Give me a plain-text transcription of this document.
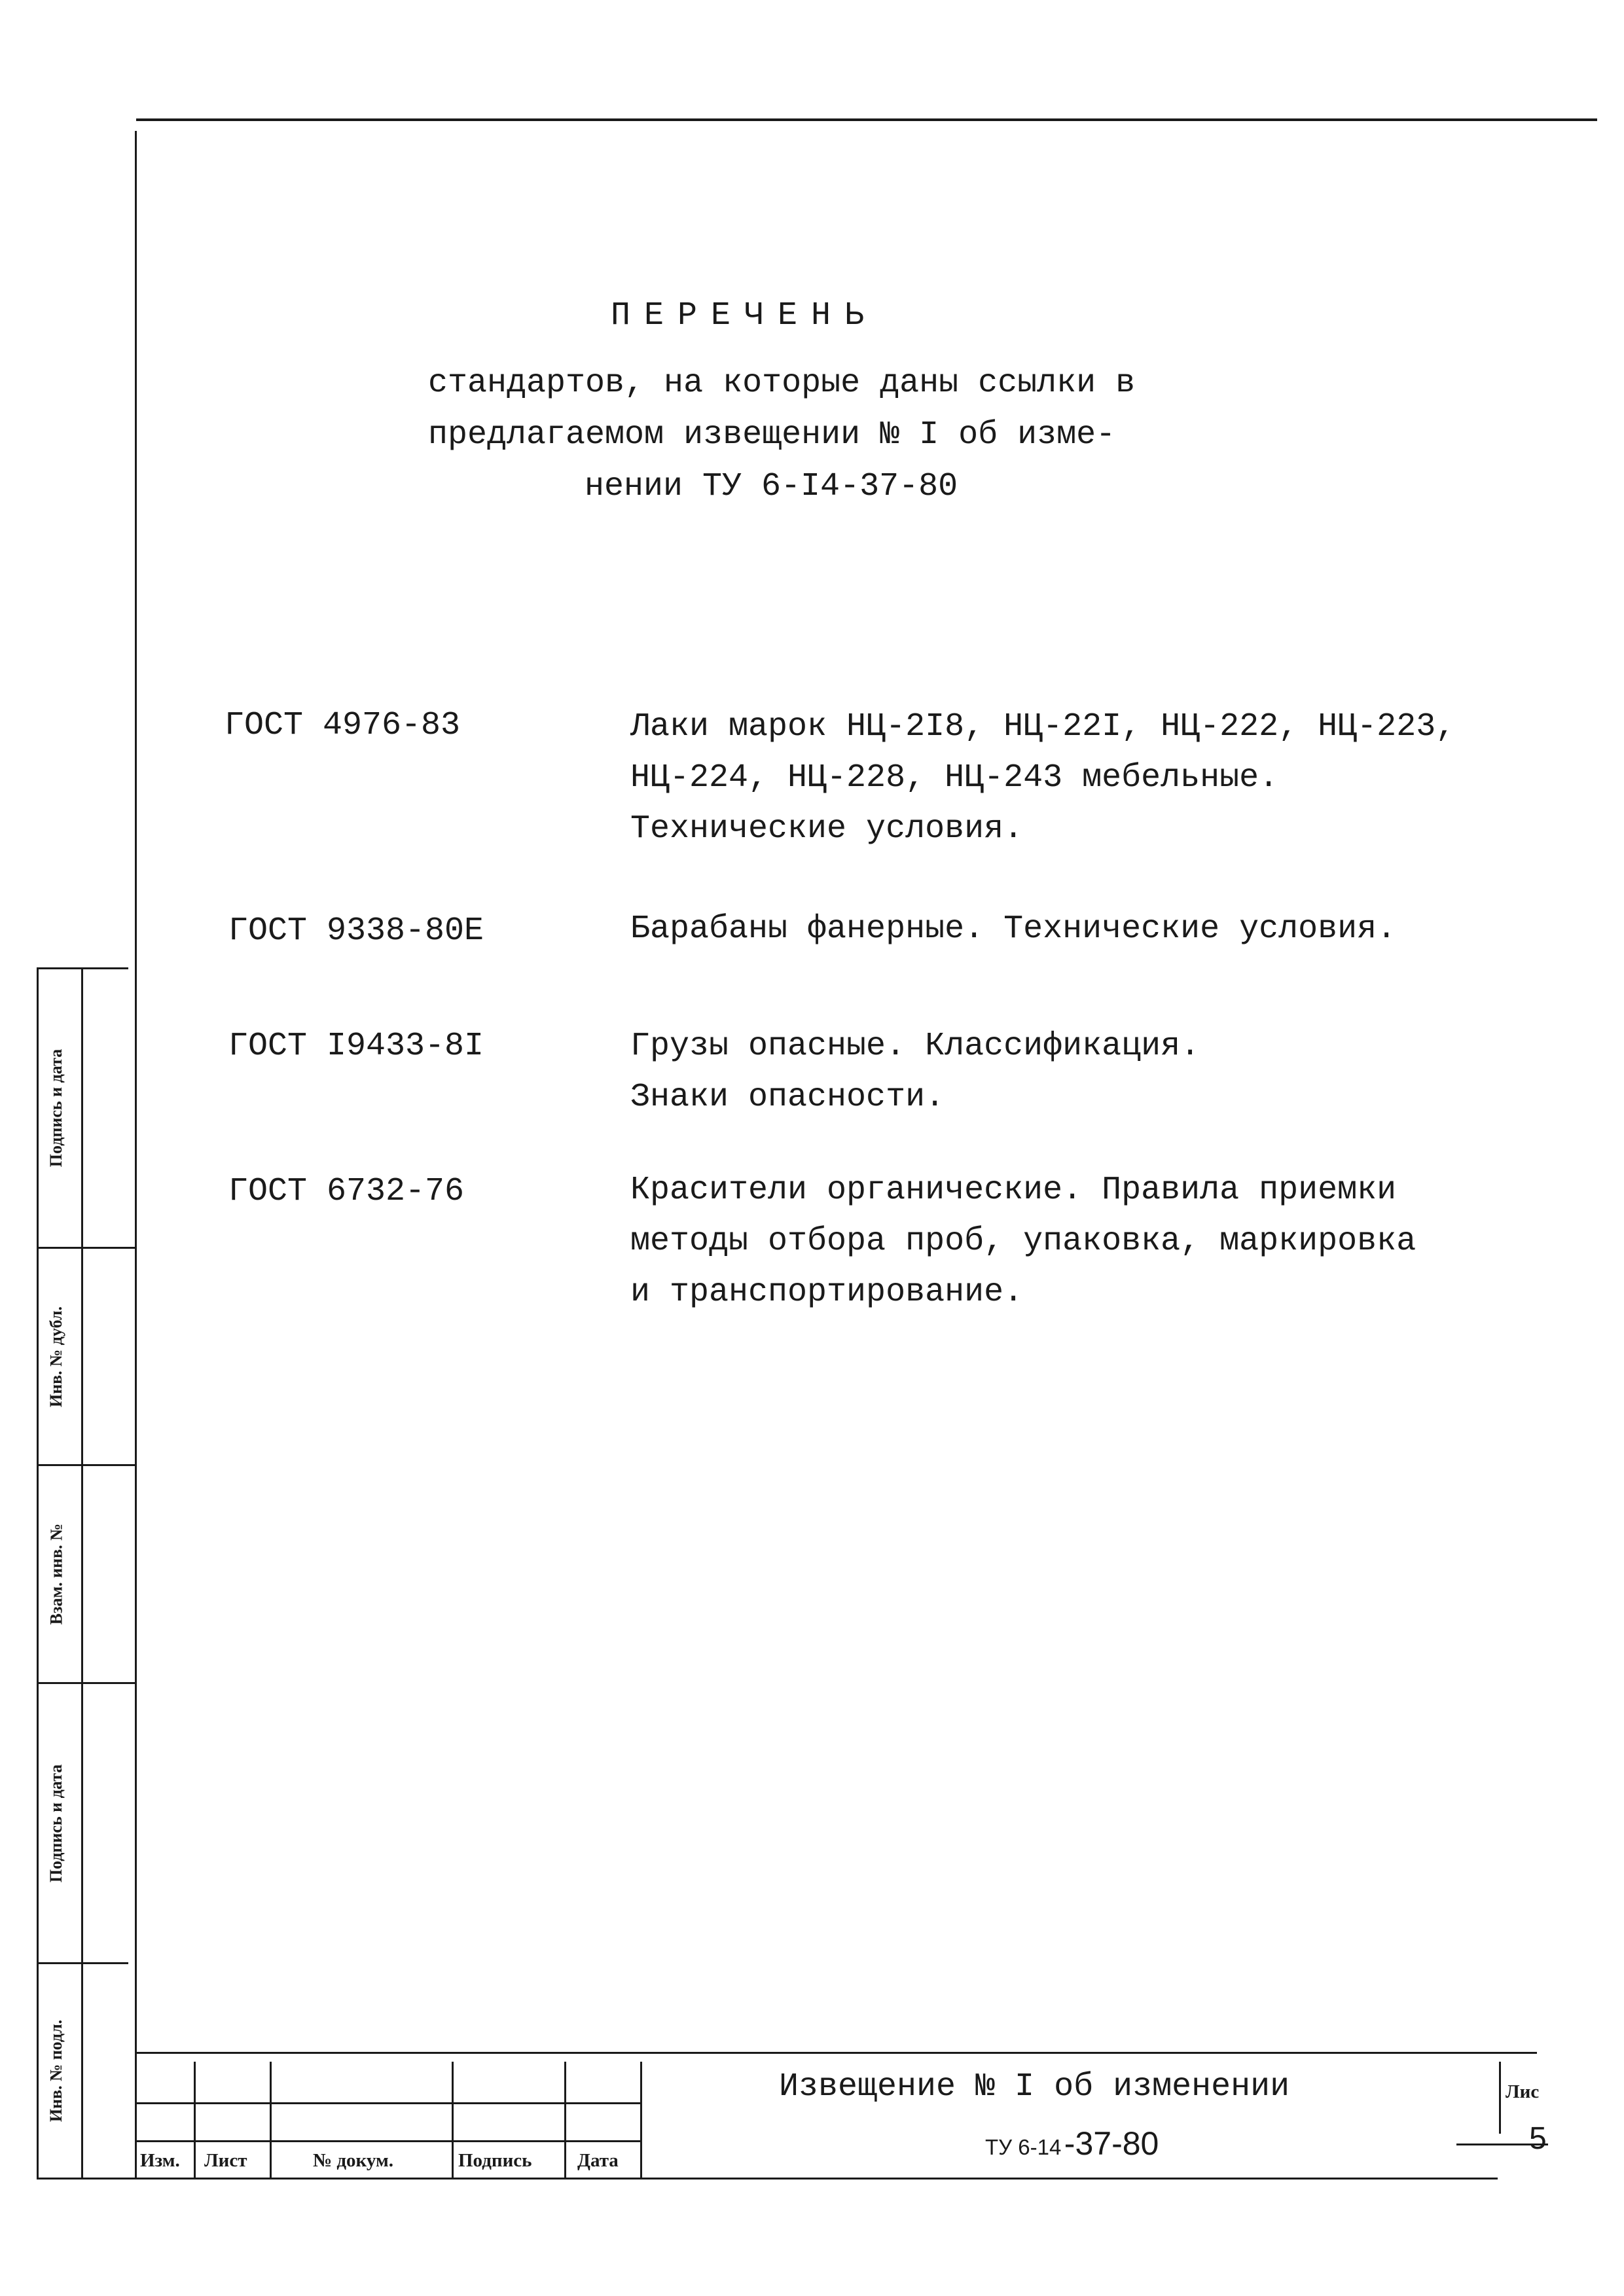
ПЕРЕЧЕНЬ
стандартов, на которые даны ссылки в
предлагаемом извещении № I об изме-
нении ТУ 6-I4-37-80
ГОСТ 4976-83	Лаки марок НЦ-2I8, НЦ-22I, НЦ-222, НЦ-223,
НЦ-224, НЦ-228, НЦ-243 мебельные.
Технические условия.
ГОСТ 9338-80Е	Барабаны фанерные. Технические условия.
ГОСТ I9433-8I	Грузы опасные. Классификация.
Знаки опасности.
ГОСТ 6732-76	Красители органические. Правила приемки
методы отбора проб, упаковка, маркировка
и транспортирование.
Подпись и дата
Инв. № дубл.
Взам. инв. №
Подпись и дата
Инв. № подл.
Изм. Лист	№ докум.	Подпись Дата
Извещение № I об изменении
ТУ 6-14 -37-80
Лис
5
